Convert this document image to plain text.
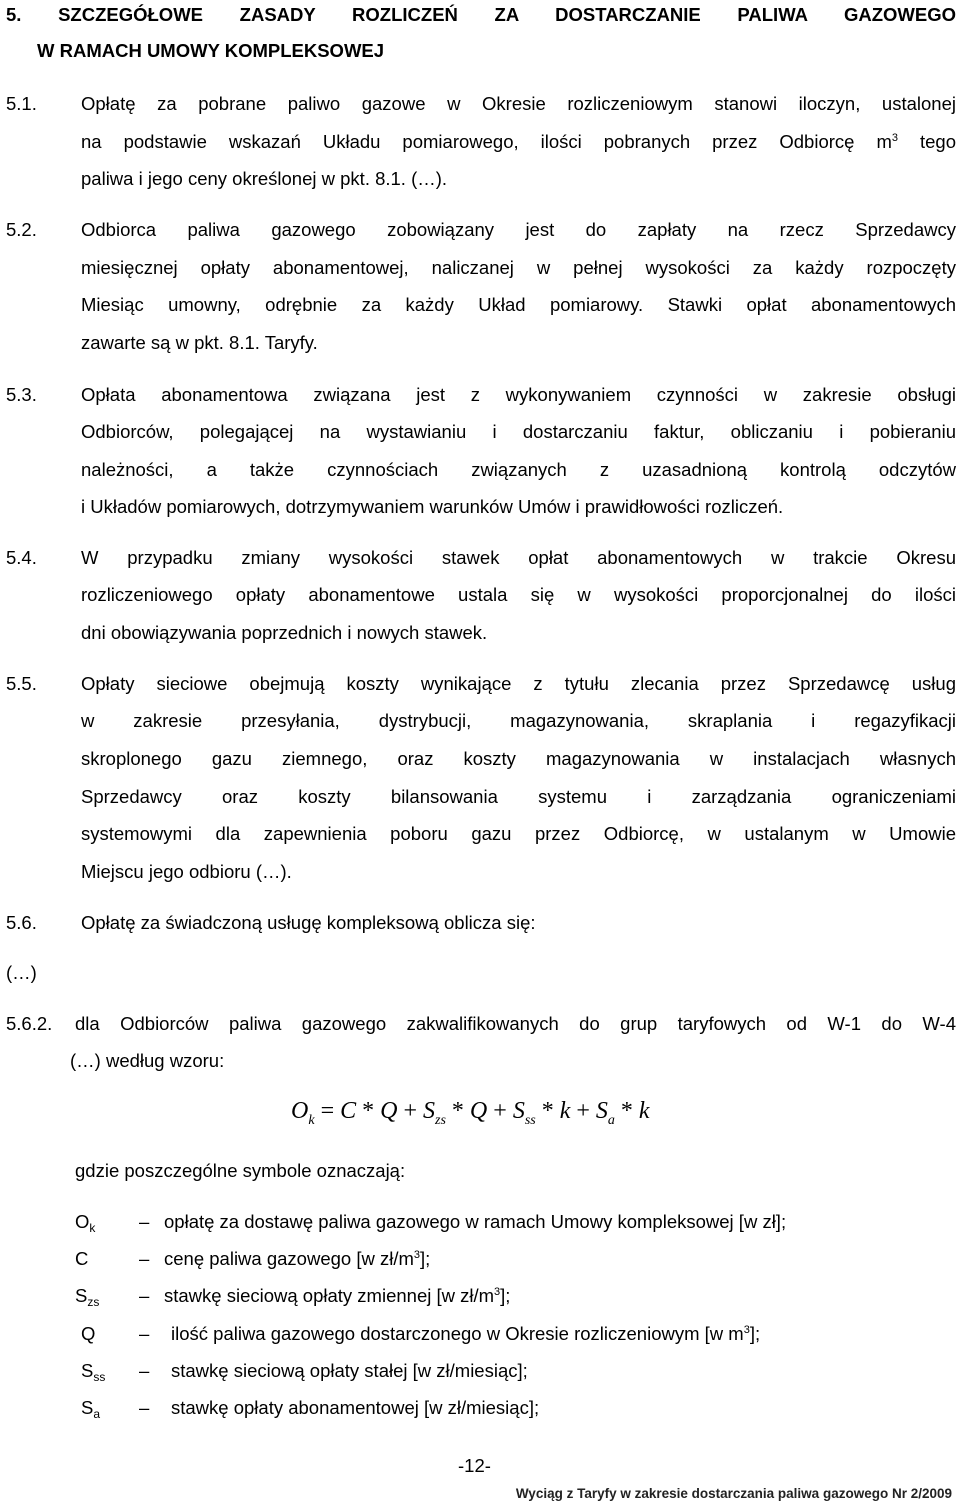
5. SZCZEGÓŁOWE ZASADY ROZLICZEŃ ZA DOSTARCZANIE PALIWA GAZOWEGO
W RAMACH UMOWY KOMPLEKSOWEJ
5.1. Opłatę za pobrane paliwo gazowe w Okresie rozliczeniowym stanowi iloczyn, ustalonej
na podstawie wskazań Układu pomiarowego, ilości pobranych przez Odbiorcę $m^3$ tego
paliwa i jego ceny określonej w pkt. 8.1. (…).
5.2. Odbiorca paliwa gazowego zobowiązany jest do zapłaty na rzecz Sprzedawcy
miesięcznej opłaty abonamentowej, naliczanej w pełnej wysokości za każdy rozpoczęty
Miesiąc umowny, odrębnie za każdy Układ pomiarowy. Stawki opłat abonamentowych
zawarte są w pkt. 8.1. Taryfy.
5.3. Opłata abonamentowa związana jest z wykonywaniem czynności w zakresie obsługi
Odbiorców, polegającej na wystawianiu i dostarczaniu faktur, obliczaniu i pobieraniu
należności, a także czynnościach związanych z uzasadnioną kontrolą odczytów
i Układów pomiarowych, dotrzymywaniem warunków Umów i prawidłowości rozliczeń.
5.4. W przypadku zmiany wysokości stawek opłat abonamentowych w trakcie Okresu
rozliczeniowego opłaty abonamentowe ustala się w wysokości proporcjonalnej do ilości
dni obowiązywania poprzednich i nowych stawek.
5.5. Opłaty sieciowe obejmują koszty wynikające z tytułu zlecania przez Sprzedawcę usług
w zakresie przesyłania, dystrybucji, magazynowania, skraplania i regazyfikacji
skroplonego gazu ziemnego, oraz koszty magazynowania w instalacjach własnych
Sprzedawcy oraz koszty bilansowania systemu i zarządzania ograniczeniami
systemowymi dla zapewnienia poboru gazu przez Odbiorcę, w ustalanym w Umowie
Miejscu jego odbioru (…).
5.6. Opłatę za świadczoną usługę kompleksową oblicza się:
(…)
5.6.2. dla Odbiorców paliwa gazowego zakwalifikowanych do grup taryfowych od W-1 do W-4
(…) według wzoru:
$O_k = C * Q + S_{zs} * Q + S_{ss} * k + S_a * k$
gdzie poszczególne symbole oznaczają:
$O_k$ – opłatę za dostawę paliwa gazowego w ramach Umowy kompleksowej [w zł];
C	– cenę paliwa gazowego [w $zł/m^3$];
$S_{zs}$ – stawkę sieciową opłaty zmiennej [w $zł/m^3$];
Q – ilość paliwa gazowego dostarczonego w Okresie rozliczeniowym [w $m^3$];
$S_{ss}$ – stawkę sieciową opłaty stałej [w zł/miesiąc];
$S_a$ – stawkę opłaty abonamentowej [w zł/miesiąc];
-12-
Wyciąg z Taryfy w zakresie dostarczania paliwa gazowego Nr 2/2009
